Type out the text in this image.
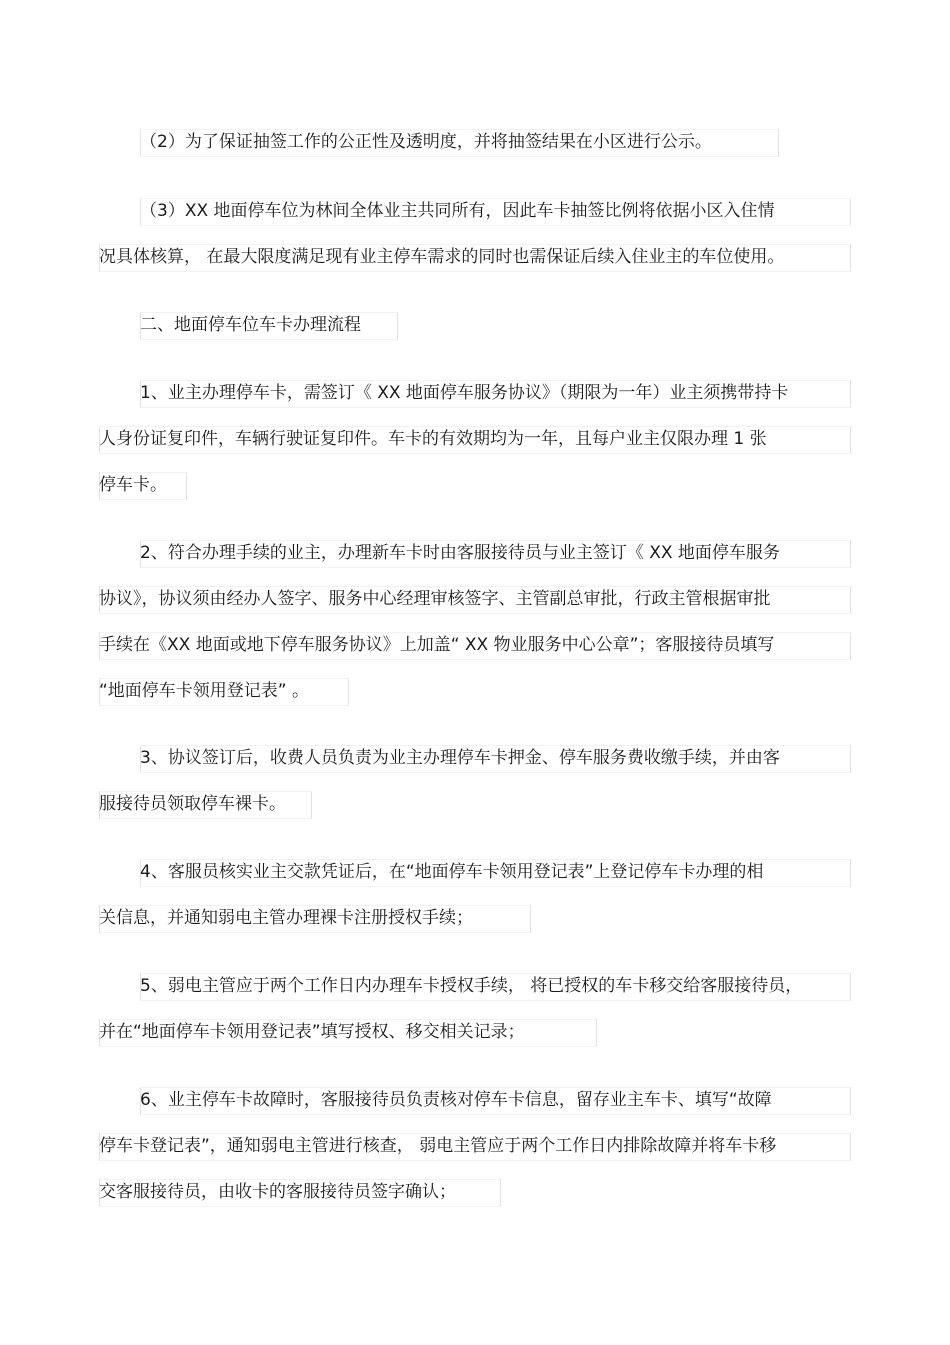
（2）为了保证抽签工作的公正性及透明度，并将抽签结果在小区进行公示。
（3）XX 地面停车位为林间全体业主共同所有，因此车卡抽签比例将依据小区入住情
况具体核算， 在最大限度满足现有业主停车需求的同时也需保证后续入住业主的车位使用。
二、地面停车位车卡办理流程
1、业主办理停车卡，需签订《 XX 地面停车服务协议》（期限为一年）业主须携带持卡
人身份证复印件，车辆行驶证复印件。车卡的有效期均为一年，且每户业主仅限办理 1 张
停车卡。
2、符合办理手续的业主，办理新车卡时由客服接待员与业主签订《 XX 地面停车服务
协议》，协议须由经办人签字、服务中心经理审核签字、主管副总审批，行政主管根据审批
手续在《XX 地面或地下停车服务协议》上加盖“ XX 物业服务中心公章”；客服接待员填写
“地面停车卡领用登记表” 。
3、协议签订后，收费人员负责为业主办理停车卡押金、停车服务费收缴手续，并由客
服接待员领取停车裸卡。
4、客服员核实业主交款凭证后，在“地面停车卡领用登记表”上登记停车卡办理的相
关信息，并通知弱电主管办理裸卡注册授权手续；
5、弱电主管应于两个工作日内办理车卡授权手续， 将已授权的车卡移交给客服接待员，
并在“地面停车卡领用登记表”填写授权、移交相关记录；
6、业主停车卡故障时，客服接待员负责核对停车卡信息，留存业主车卡、填写“故障
停车卡登记表”，通知弱电主管进行核查， 弱电主管应于两个工作日内排除故障并将车卡移
交客服接待员，由收卡的客服接待员签字确认；
